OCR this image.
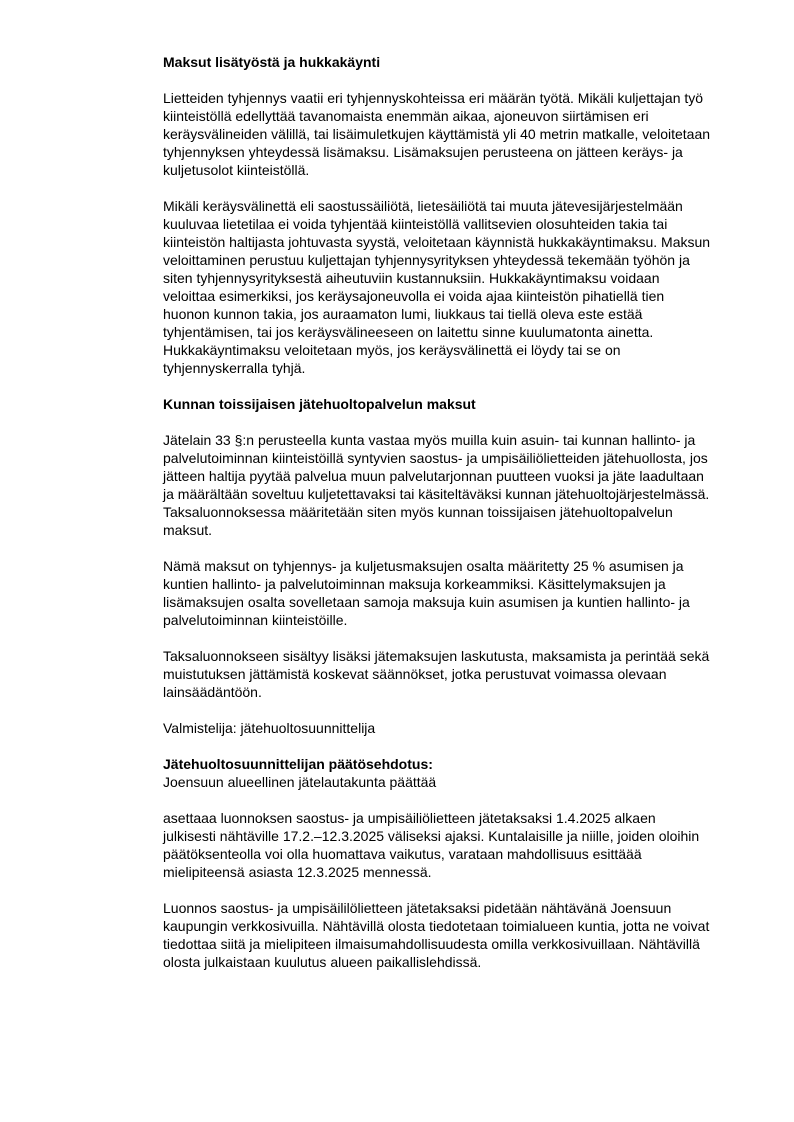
Maksut lisätyöstä ja hukkakäynti

Lietteiden tyhjennys vaatii eri tyhjennyskohteissa eri määrän työtä. Mikäli kuljettajan työ
kiinteistöllä edellyttää tavanomaista enemmän aikaa, ajoneuvon siirtämisen eri
keräysvälineiden välillä, tai lisäimuletkujen käyttämistä yli 40 metrin matkalle, veloitetaan
tyhjennyksen yhteydessä lisämaksu. Lisämaksujen perusteena on jätteen keräys- ja
kuljetusolot kiinteistöllä.

Mikäli keräysvälinettä eli saostussäiliötä, lietesäiliötä tai muuta jätevesijärjestelmään
kuuluvaa lietetilaa ei voida tyhjentää kiinteistöllä vallitsevien olosuhteiden takia tai
kiinteistön haltijasta johtuvasta syystä, veloitetaan käynnistä hukkakäyntimaksu. Maksun
veloittaminen perustuu kuljettajan tyhjennysyrityksen yhteydessä tekemään työhön ja
siten tyhjennysyrityksestä aiheutuviin kustannuksiin. Hukkakäyntimaksu voidaan
veloittaa esimerkiksi, jos keräysajoneuvolla ei voida ajaa kiinteistön pihatiellä tien
huonon kunnon takia, jos auraamaton lumi, liukkaus tai tiellä oleva este estää
tyhjentämisen, tai jos keräysvälineeseen on laitettu sinne kuulumatonta ainetta.
Hukkakäyntimaksu veloitetaan myös, jos keräysvälinettä ei löydy tai se on
tyhjennyskerralla tyhjä.

Kunnan toissijaisen jätehuoltopalvelun maksut

Jätelain 33 §:n perusteella kunta vastaa myös muilla kuin asuin- tai kunnan hallinto- ja
palvelutoiminnan kiinteistöillä syntyvien saostus- ja umpisäiliölietteiden jätehuollosta, jos
jätteen haltija pyytää palvelua muun palvelutarjonnan puutteen vuoksi ja jäte laadultaan
ja määrältään soveltuu kuljetettavaksi tai käsiteltäväksi kunnan jätehuoltojärjestelmässä.
Taksaluonnoksessa määritetään siten myös kunnan toissijaisen jätehuoltopalvelun
maksut.

Nämä maksut on tyhjennys- ja kuljetusmaksujen osalta määritetty 25 % asumisen ja
kuntien hallinto- ja palvelutoiminnan maksuja korkeammiksi. Käsittelymaksujen ja
lisämaksujen osalta sovelletaan samoja maksuja kuin asumisen ja kuntien hallinto- ja
palvelutoiminnan kiinteistöille.

Taksaluonnokseen sisältyy lisäksi jätemaksujen laskutusta, maksamista ja perintää sekä
muistutuksen jättämistä koskevat säännökset, jotka perustuvat voimassa olevaan
lainsäädäntöön.

Valmistelija: jätehuoltosuunnittelija

Jätehuoltosuunnittelijan päätösehdotus:

Joensuun alueellinen jätelautakunta päättää

asettaaa luonnoksen saostus- ja umpisäiliölietteen jätetaksaksi 1.4.2025 alkaen
julkisesti nähtäville 17.2.–12.3.2025 väliseksi ajaksi. Kuntalaisille ja niille, joiden oloihin
päätöksenteolla voi olla huomattava vaikutus, varataan mahdollisuus esittäää
mielipiteensä asiasta 12.3.2025 mennessä.

Luonnos saostus- ja umpisäililölietteen jätetaksaksi pidetään nähtävänä Joensuun
kaupungin verkkosivuilla. Nähtävillä olosta tiedotetaan toimialueen kuntia, jotta ne voivat
tiedottaa siitä ja mielipiteen ilmaisumahdollisuudesta omilla verkkosivuillaan. Nähtävillä
olosta julkaistaan kuulutus alueen paikallislehdissä.
